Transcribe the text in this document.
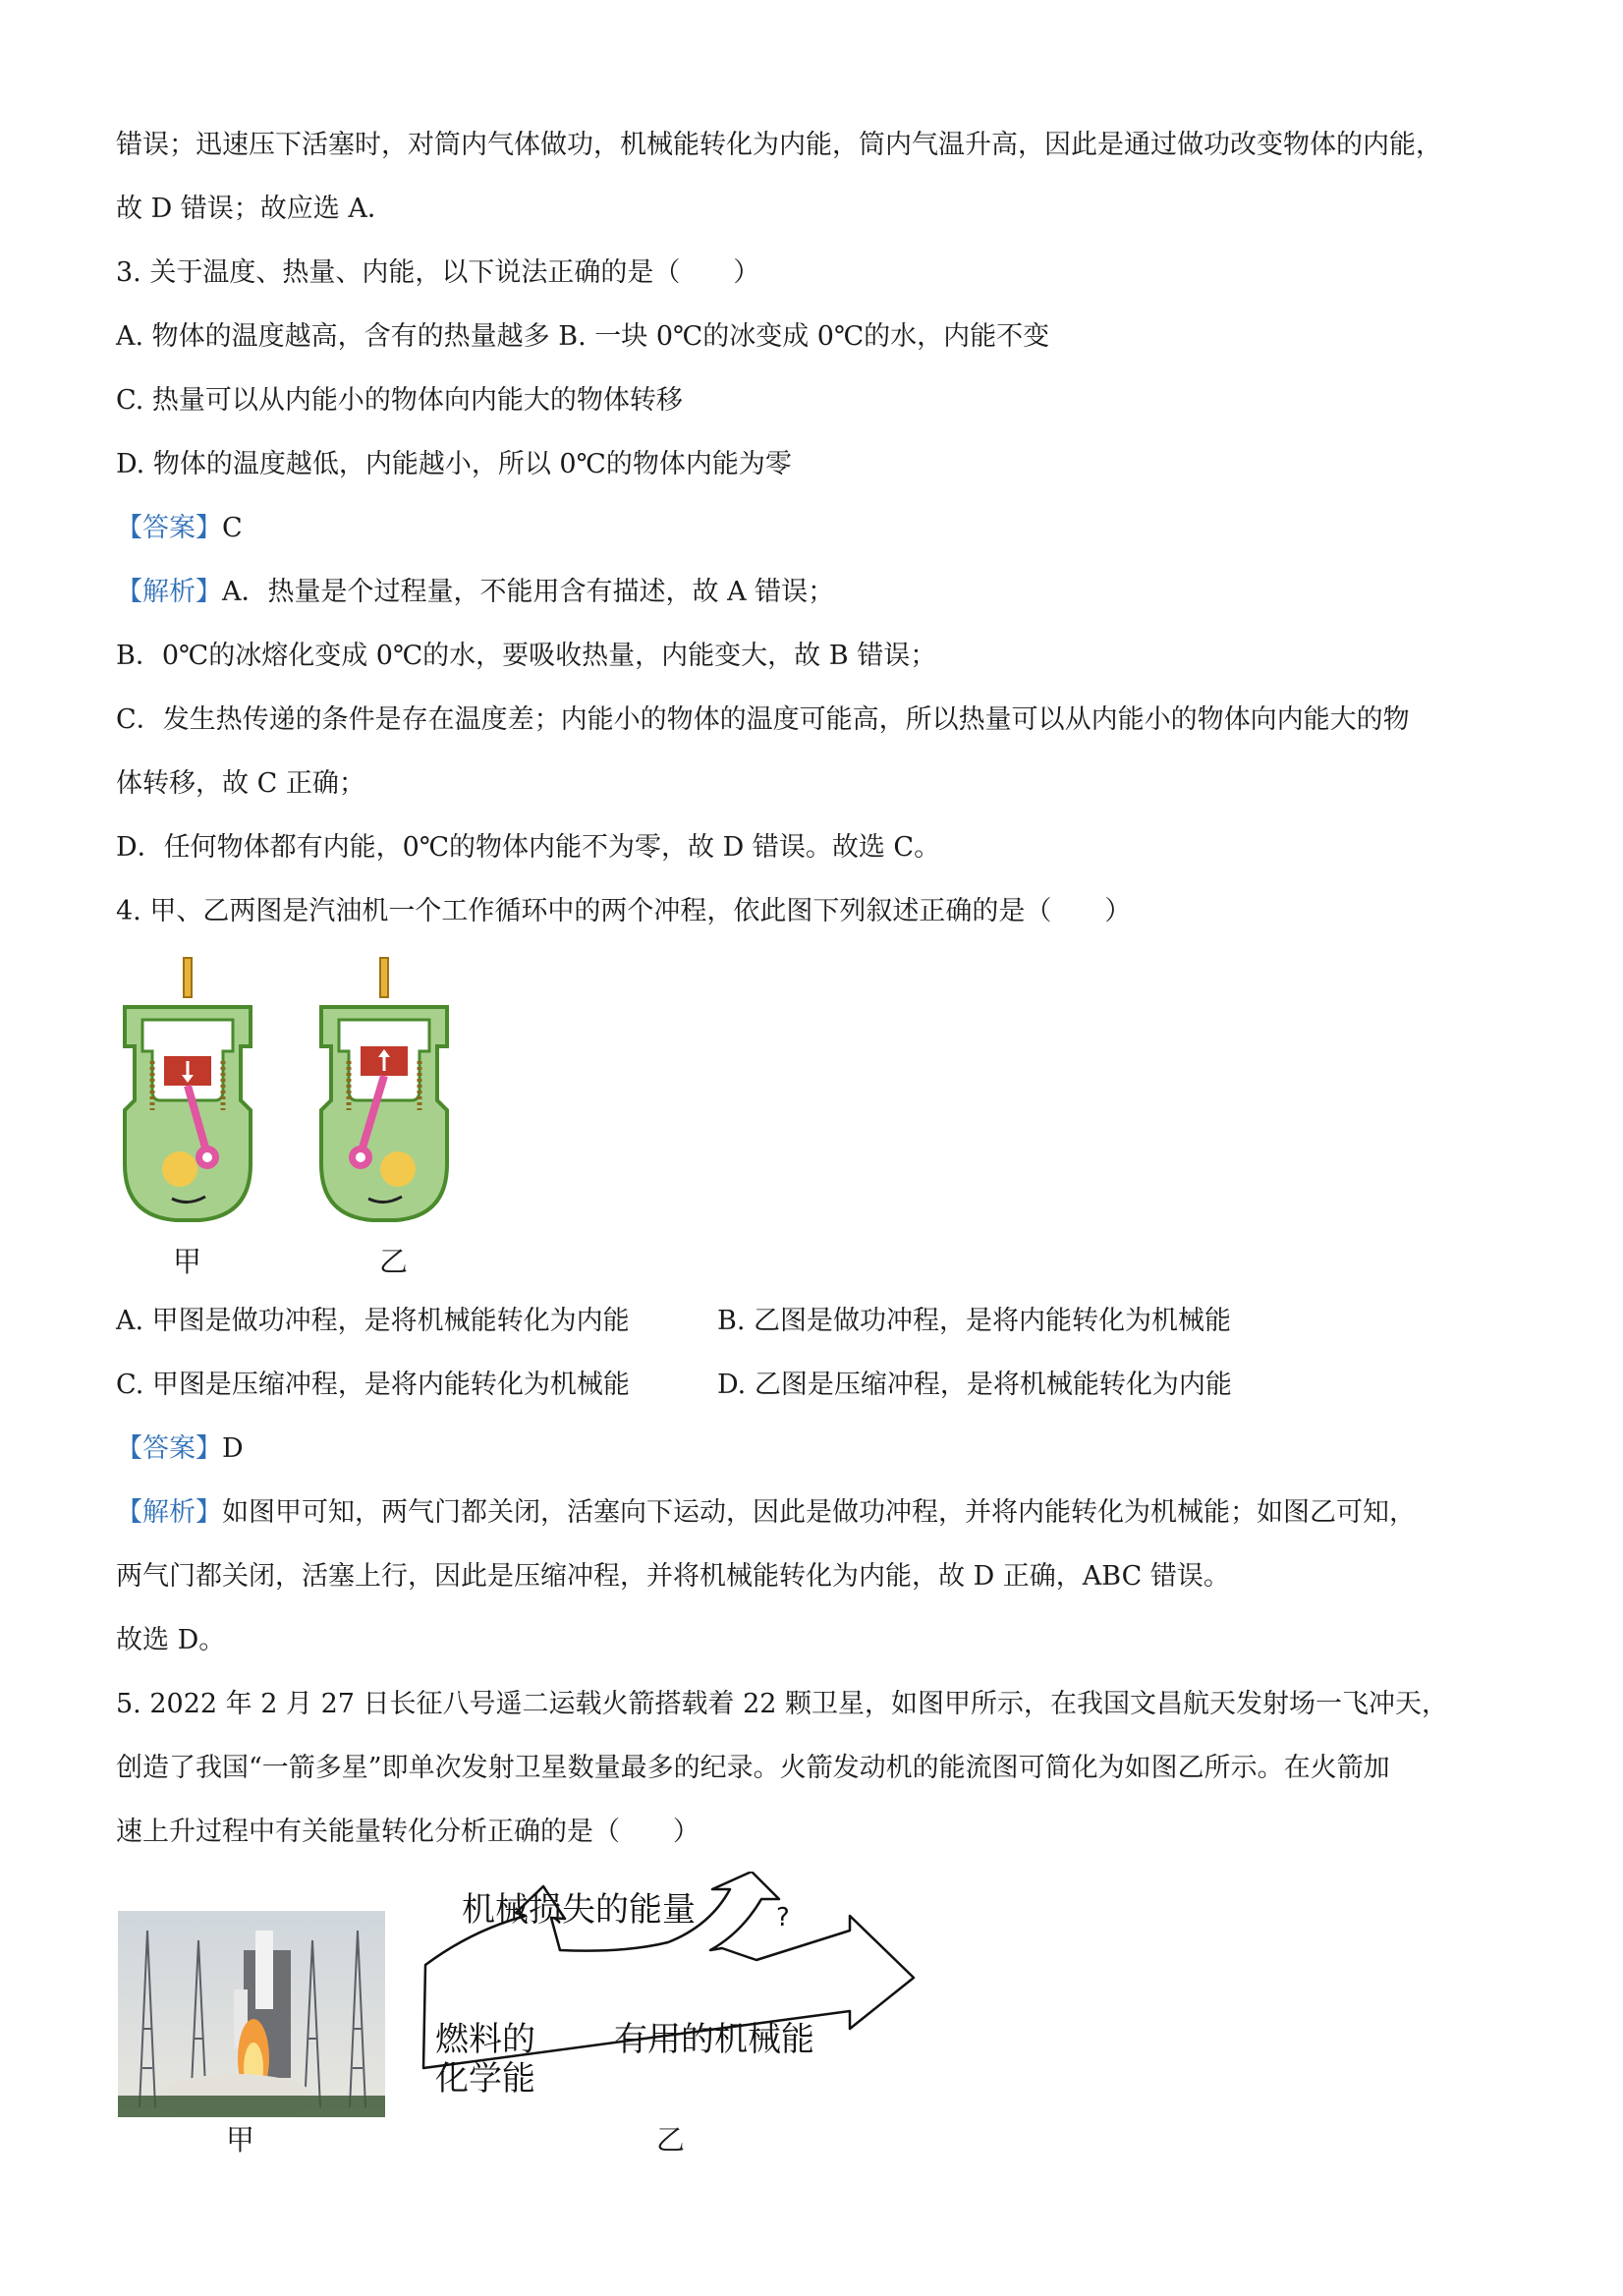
错误；迅速压下活塞时，对筒内气体做功，机械能转化为内能，筒内气温升高，因此是通过做功改变物体的内能，
故 D 错误；故应选 A．
3. 关于温度、热量、内能，以下说法正确的是（　　）
A. 物体的温度越高，含有的热量越多 B. 一块 0℃的冰变成 0℃的水，内能不变
C. 热量可以从内能小的物体向内能大的物体转移
D. 物体的温度越低，内能越小，所以 0℃的物体内能为零
【答案】C
【解析】A．热量是个过程量，不能用含有描述，故 A 错误；
B．0℃的冰熔化变成 0℃的水，要吸收热量，内能变大，故 B 错误；
C．发生热传递的条件是存在温度差；内能小的物体的温度可能高，所以热量可以从内能小的物体向内能大的物
体转移，故 C 正确；
D．任何物体都有内能，0℃的物体内能不为零，故 D 错误。故选 C。
4. 甲、乙两图是汽油机一个工作循环中的两个冲程，依此图下列叙述正确的是（　　）
甲	乙
A. 甲图是做功冲程，是将机械能转化为内能	B. 乙图是做功冲程，是将内能转化为机械能
C. 甲图是压缩冲程，是将内能转化为机械能	D. 乙图是压缩冲程，是将机械能转化为内能
【答案】D
【解析】如图甲可知，两气门都关闭，活塞向下运动，因此是做功冲程，并将内能转化为机械能；如图乙可知，
两气门都关闭，活塞上行，因此是压缩冲程，并将机械能转化为内能，故 D 正确，ABC 错误。
故选 D。
5. 2022 年 2 月 27 日长征八号遥二运载火箭搭载着 22 颗卫星，如图甲所示，在我国文昌航天发射场一飞冲天，
创造了我国“一箭多星”即单次发射卫星数量最多的纪录。火箭发动机的能流图可简化为如图乙所示。在火箭加
速上升过程中有关能量转化分析正确的是（　　）
甲
机械损失的能量	?
燃料的
化学能
有用的机械能
乙
